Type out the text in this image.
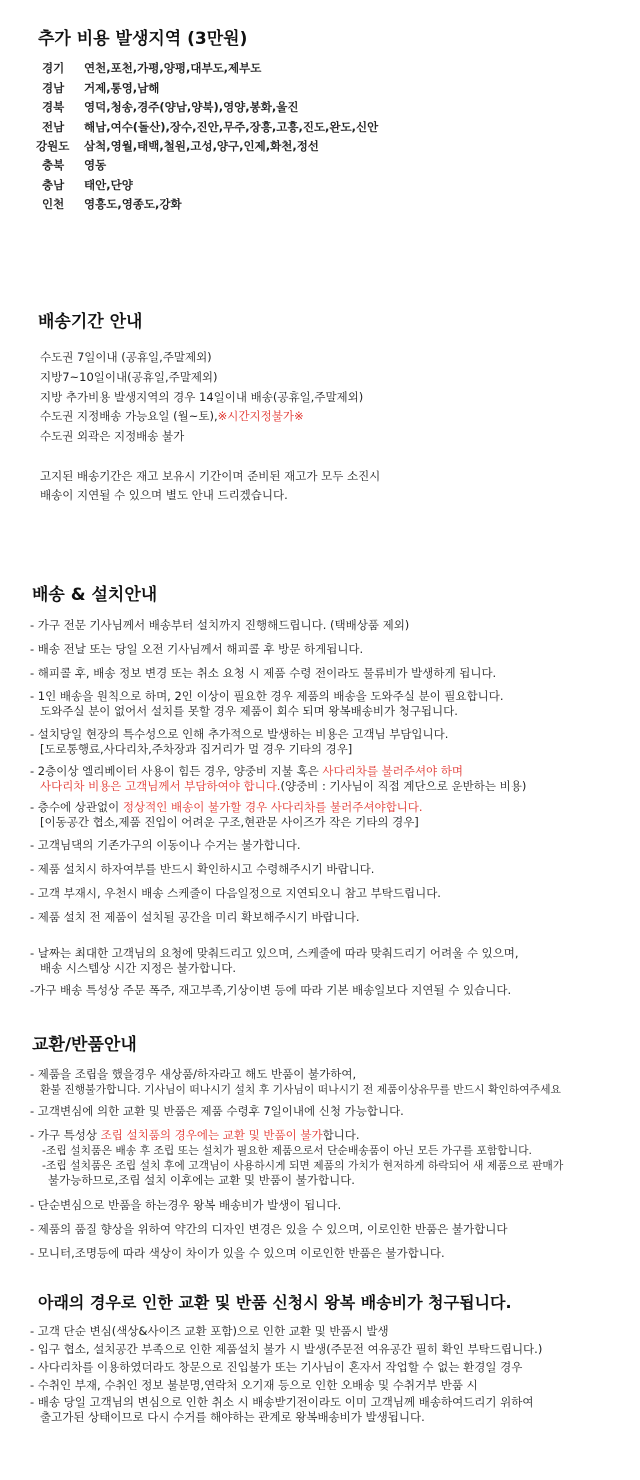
추가 비용 발생지역 (3만원)
경기 연천,포천,가평,양평,대부도,제부도
경남 거제,통영,남해
경북 영덕,청송,경주(양남,양북),영양,봉화,울진
전남 해남,여수(돌산),장수,진안,무주,장흥,고흥,진도,완도,신안
강원도 삼척,영월,태백,철원,고성,양구,인제,화천,정선
충북 영동
충남 태안,단양
인천 영흥도,영종도,강화
배송기간 안내
수도권 7일이내 (공휴일,주말제외)
지방7~10일이내(공휴일,주말제외)
지방 추가비용 발생지역의 경우 14일이내 배송(공휴일,주말제외)
수도권 지정배송 가능요일 (월~토),※시간지정불가※
수도권 외곽은 지정배송 불가
고지된 배송기간은 재고 보유시 기간이며 준비된 재고가 모두 소진시
배송이 지연될 수 있으며 별도 안내 드리겠습니다.
배송 & 설치안내
- 가구 전문 기사님께서 배송부터 설치까지 진행해드립니다. (택배상품 제외)
- 배송 전날 또는 당일 오전 기사님께서 해피콜 후 방문 하게됩니다.
- 해피콜 후, 배송 정보 변경 또는 취소 요청 시 제품 수령 전이라도 물류비가 발생하게 됩니다.
- 1인 배송을 원칙으로 하며, 2인 이상이 필요한 경우 제품의 배송을 도와주실 분이 필요합니다.
도와주실 분이 없어서 설치를 못할 경우 제품이 회수 되며 왕복배송비가 청구됩니다.
- 설치당일 현장의 특수성으로 인해 추가적으로 발생하는 비용은 고객님 부담입니다.
[도로통행료,사다리차,주차장과 집거리가 멀 경우 기타의 경우]
- 2층이상 엘리베이터 사용이 힘든 경우, 양중비 지불 혹은 사다리차를 불러주셔야 하며
사다리차 비용은 고객님께서 부담하여야 합니다.(양중비 : 기사님이 직접 계단으로 운반하는 비용)
- 층수에 상관없이 정상적인 배송이 불가할 경우 사다리차를 불러주셔야합니다.
[이동공간 협소,제품 진입이 어려운 구조,현관문 사이즈가 작은 기타의 경우]
- 고객님댁의 기존가구의 이동이나 수거는 불가합니다.
- 제품 설치시 하자여부를 반드시 확인하시고 수령해주시기 바랍니다.
- 고객 부재시, 우천시 배송 스케줄이 다음일정으로 지연되오니 참고 부탁드립니다.
- 제품 설치 전 제품이 설치될 공간을 미리 확보해주시기 바랍니다.
- 날짜는 최대한 고객님의 요청에 맞춰드리고 있으며, 스케줄에 따라 맞춰드리기 어려울 수 있으며,
배송 시스템상 시간 지정은 불가합니다.
-가구 배송 특성상 주문 폭주, 재고부족,기상이변 등에 따라 기본 배송일보다 지연될 수 있습니다.
교환/반품안내
- 제품을 조립을 했을경우 새상품/하자라고 해도 반품이 불가하여,
환불 진행불가합니다. 기사님이 떠나시기 설치 후 기사님이 떠나시기 전 제품이상유무를 반드시 확인하여주세요
- 고객변심에 의한 교환 및 반품은 제품 수령후 7일이내에 신청 가능합니다.
- 가구 특성상 조립 설치품의 경우에는 교환 및 반품이 불가합니다.
-조립 설치품은 배송 후 조립 또는 설치가 필요한 제품으로서 단순배송품이 아닌 모든 가구를 포함합니다.
-조립 설치품은 조립 설치 후에 고객님이 사용하시게 되면 제품의 가치가 현저하게 하락되어 새 제품으로 판매가
불가능하므로,조립 설치 이후에는 교환 및 반품이 불가합니다.
- 단순변심으로 반품을 하는경우 왕복 배송비가 발생이 됩니다.
- 제품의 품질 향상을 위하여 약간의 디자인 변경은 있을 수 있으며, 이로인한 반품은 불가합니다
- 모니터,조명등에 따라 색상이 차이가 있을 수 있으며 이로인한 반품은 불가합니다.
아래의 경우로 인한 교환 및 반품 신청시 왕복 배송비가 청구됩니다.
- 고객 단순 변심(색상&사이즈 교환 포함)으로 인한 교환 및 반품시 발생
- 입구 협소, 설치공간 부족으로 인한 제품설치 불가 시 발생(주문전 여유공간 필히 확인 부탁드립니다.)
- 사다리차를 이용하였더라도 창문으로 진입불가 또는 기사님이 혼자서 작업할 수 없는 환경일 경우
- 수취인 부재, 수취인 정보 불분명,연락처 오기재 등으로 인한 오배송 및 수취거부 반품 시
- 배송 당일 고객님의 변심으로 인한 취소 시 배송받기전이라도 이미 고객님께 배송하여드리기 위하여
출고가된 상태이므로 다시 수거를 해야하는 관계로 왕복배송비가 발생됩니다.
